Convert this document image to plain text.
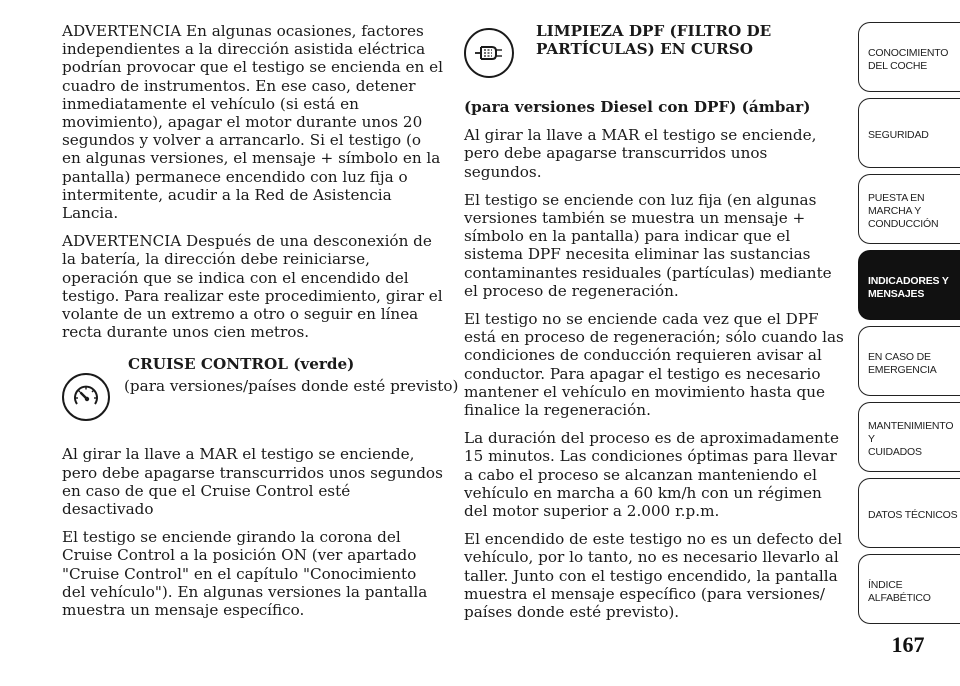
ADVERTENCIA En algunas ocasiones, factores independientes a la dirección asistida eléctrica podrían provocar que el testigo se encienda en el cuadro de instrumentos. En ese caso, detener inmediatamente el vehículo (si está en movimiento), apagar el motor durante unos 20 segundos y volver a arrancarlo. Si el testigo (o en algunas versiones, el mensaje + símbolo en la pantalla) permanece encendido con luz fija o intermitente, acudir a la Red de Asistencia Lancia.

ADVERTENCIA Después de una desconexión de la batería, la dirección debe reiniciarse, operación que se indica con el encendido del testigo. Para realizar este procedimiento, girar el volante de un extremo a otro o seguir en línea recta durante unos cien metros.

CRUISE CONTROL (verde)

(para versiones/países donde esté previsto)

Al girar la llave a MAR el testigo se enciende, pero debe apagarse transcurridos unos segundos en caso de que el Cruise Control esté desactivado

El testigo se enciende girando la corona del Cruise Control a la posición ON (ver apartado "Cruise Control" en el capítulo "Conocimiento del vehículo"). En algunas versiones la pantalla muestra un mensaje específico.

LIMPIEZA DPF (FILTRO DE PARTÍCULAS) EN CURSO

(para versiones Diesel con DPF) (ámbar)

Al girar la llave a MAR el testigo se enciende, pero debe apagarse transcurridos unos segundos.

El testigo se enciende con luz fija (en algunas versiones también se muestra un mensaje + símbolo en la pantalla) para indicar que el sistema DPF necesita eliminar las sustancias contaminantes residuales (partículas) mediante el proceso de regeneración.

El testigo no se enciende cada vez que el DPF está en proceso de regeneración; sólo cuando las condiciones de conducción requieren avisar al conductor. Para apagar el testigo es necesario mantener el vehículo en movimiento hasta que finalice la regeneración.

La duración del proceso es de aproximadamente 15 minutos. Las condiciones óptimas para llevar a cabo el proceso se alcanzan manteniendo el vehículo en marcha a 60 km/h con un régimen del motor superior a 2.000 r.p.m.

El encendido de este testigo no es un defecto del vehículo, por lo tanto, no es necesario llevarlo al taller. Junto con el testigo encendido, la pantalla muestra el mensaje específico (para versiones/ países donde esté previsto).

CONOCIMIENTO
DEL COCHE
SEGURIDAD
PUESTA EN
MARCHA Y
CONDUCCIÓN
INDICADORES Y
MENSAJES
EN CASO DE
EMERGENCIA
MANTENIMIENTO Y
CUIDADOS
DATOS TÉCNICOS
ÍNDICE
ALFABÉTICO
167
